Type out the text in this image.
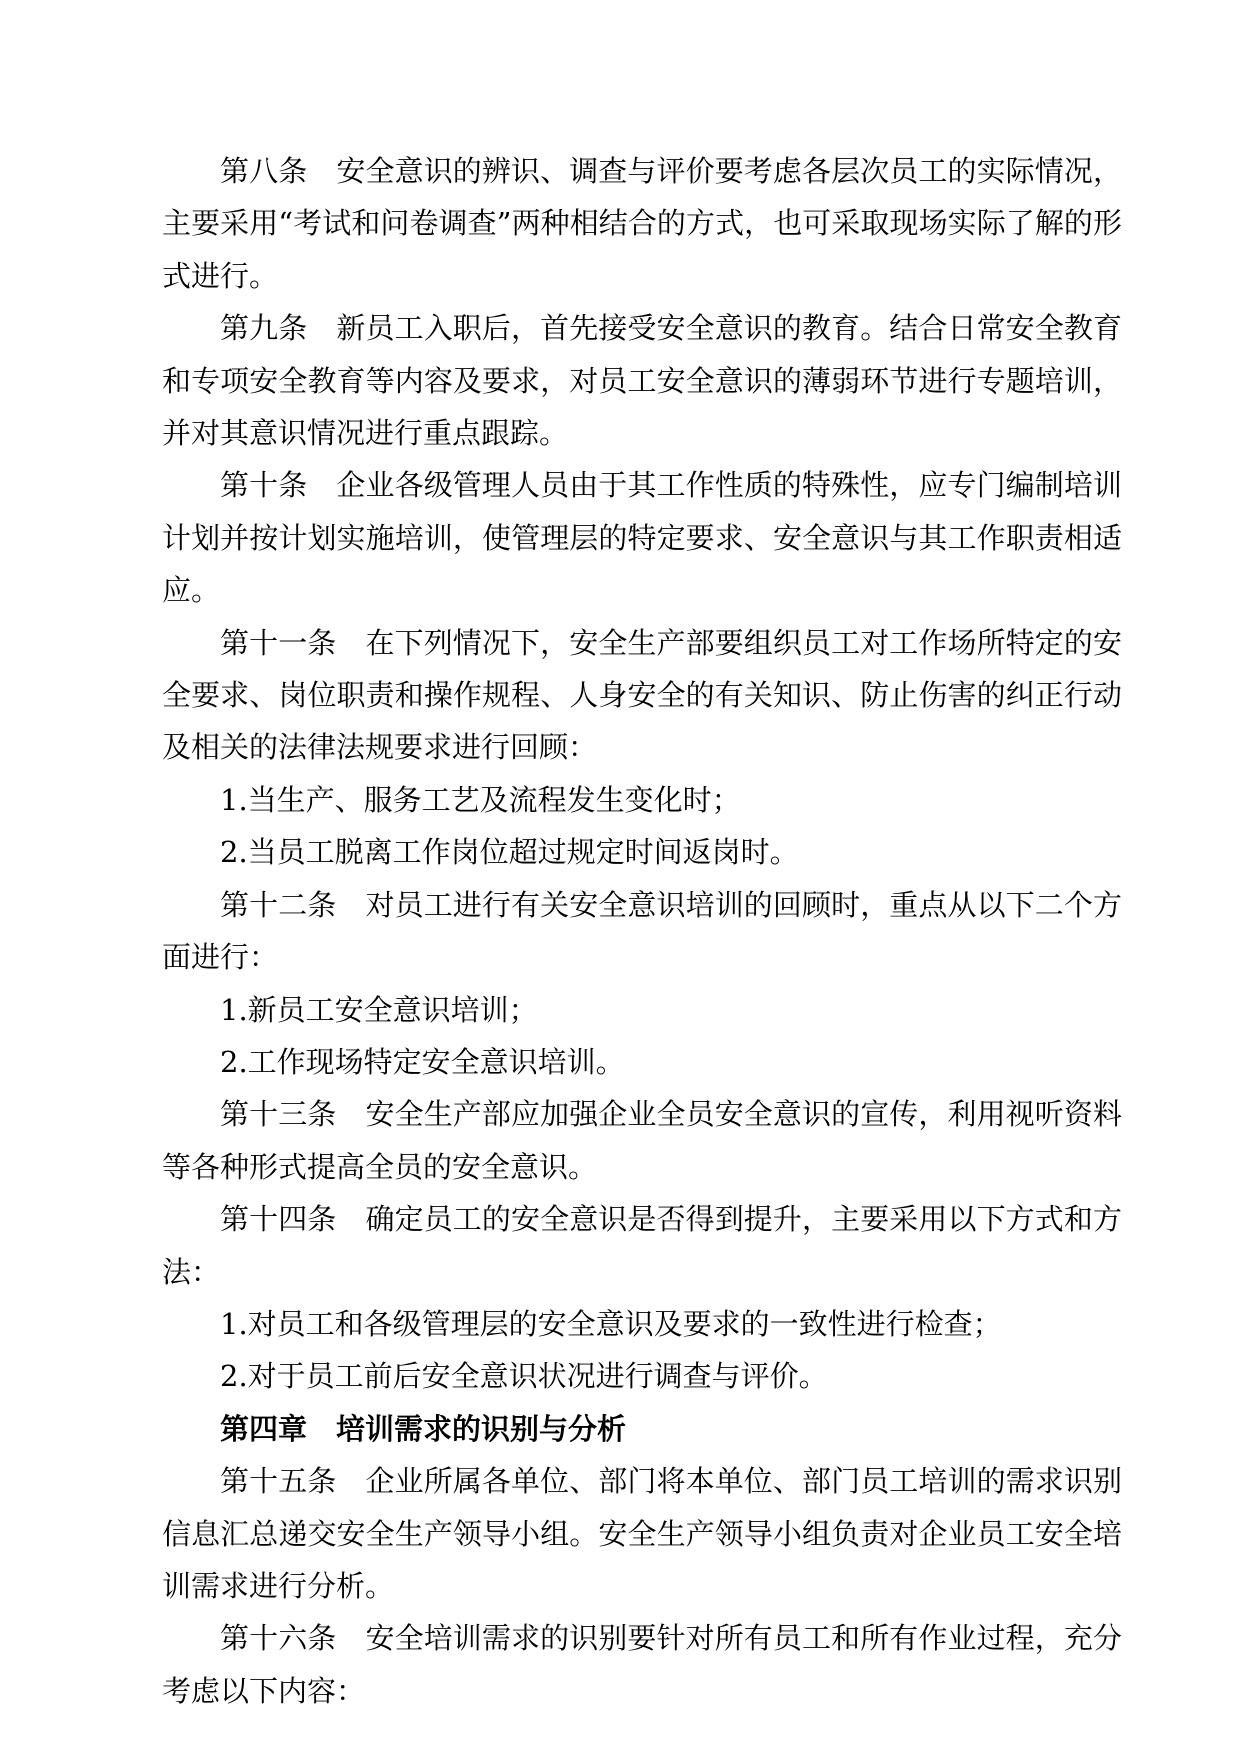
第八条　安全意识的辨识、调查与评价要考虑各层次员工的实际情况，主要采用“考试和问卷调查”两种相结合的方式，也可采取现场实际了解的形式进行。

第九条　新员工入职后，首先接受安全意识的教育。结合日常安全教育和专项安全教育等内容及要求，对员工安全意识的薄弱环节进行专题培训，并对其意识情况进行重点跟踪。

第十条　企业各级管理人员由于其工作性质的特殊性，应专门编制培训计划并按计划实施培训，使管理层的特定要求、安全意识与其工作职责相适应。

第十一条　在下列情况下，安全生产部要组织员工对工作场所特定的安全要求、岗位职责和操作规程、人身安全的有关知识、防止伤害的纠正行动及相关的法律法规要求进行回顾：

1.当生产、服务工艺及流程发生变化时；

2.当员工脱离工作岗位超过规定时间返岗时。

第十二条　对员工进行有关安全意识培训的回顾时，重点从以下二个方面进行：

1.新员工安全意识培训；

2.工作现场特定安全意识培训。

第十三条　安全生产部应加强企业全员安全意识的宣传，利用视听资料等各种形式提高全员的安全意识。

第十四条　确定员工的安全意识是否得到提升，主要采用以下方式和方法：

1.对员工和各级管理层的安全意识及要求的一致性进行检查；

2.对于员工前后安全意识状况进行调查与评价。

第四章　培训需求的识别与分析

第十五条　企业所属各单位、部门将本单位、部门员工培训的需求识别信息汇总递交安全生产领导小组。安全生产领导小组负责对企业员工安全培训需求进行分析。

第十六条　安全培训需求的识别要针对所有员工和所有作业过程，充分考虑以下内容：
